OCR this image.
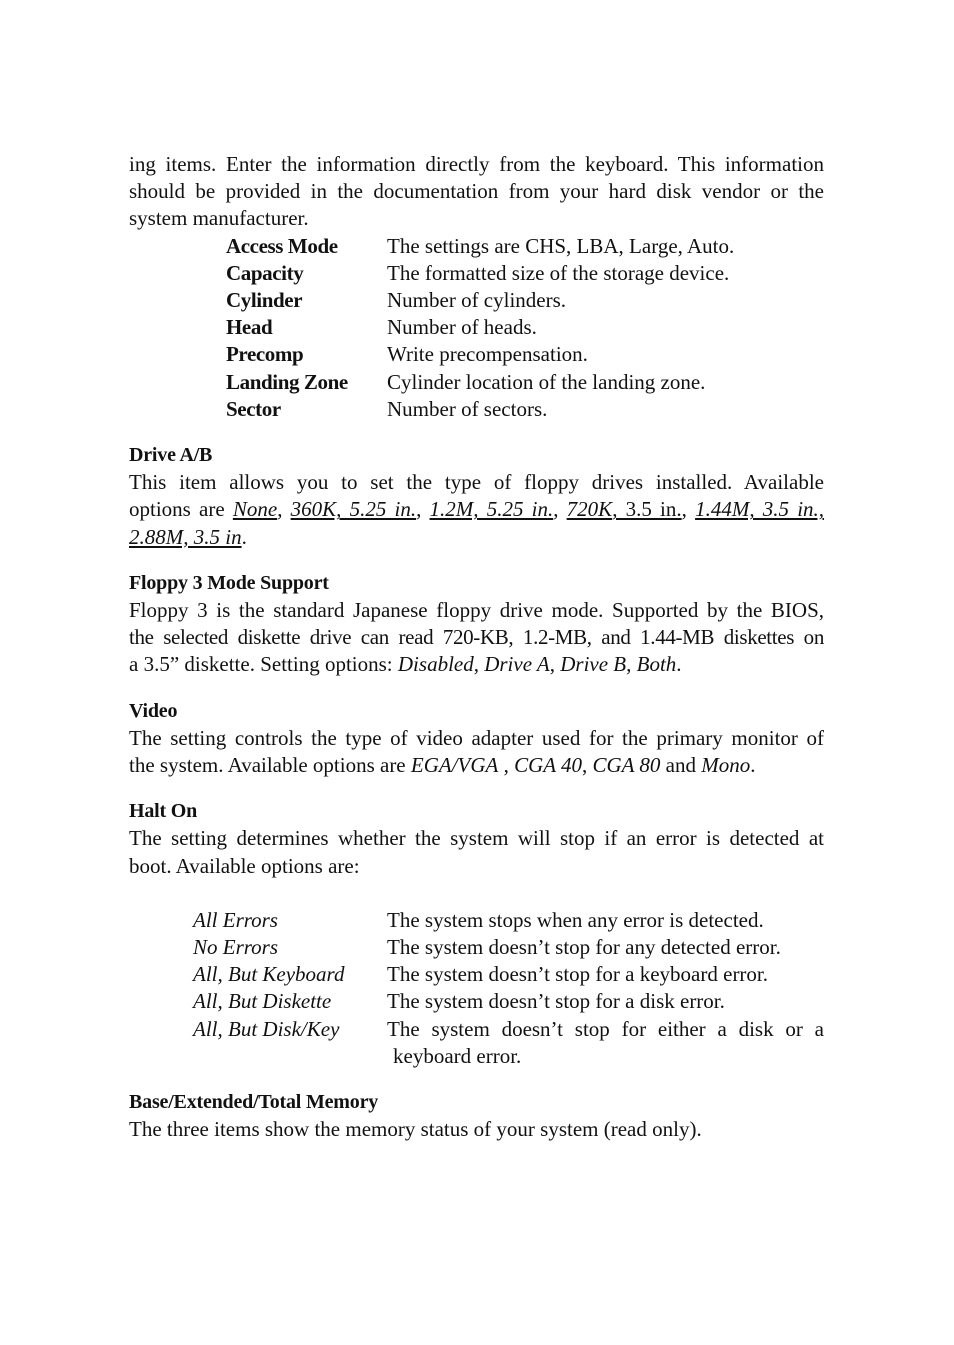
ing items. Enter the information directly from the keyboard. This information

should be provided in the documentation from your hard disk vendor or the

system manufacturer.

Access Mode	The settings are CHS, LBA, Large, Auto.
Capacity	The formatted size of the storage device.
Cylinder	Number of cylinders.
Head	Number of heads.
Precomp	Write precompensation.
Landing Zone	Cylinder location of the landing zone.
Sector	Number of sectors.
Drive A/B

This item allows you to set the type of floppy drives installed. Available

options are None, 360K, 5.25 in., 1.2M, 5.25 in., 720K, 3.5 in., 1.44M, 3.5 in.,

2.88M, 3.5 in.

Floppy 3 Mode Support

Floppy 3 is the standard Japanese floppy drive mode. Supported by the BIOS,

the selected diskette drive can read 720-KB, 1.2-MB, and 1.44-MB diskettes on

a 3.5” diskette. Setting options: Disabled, Drive A, Drive B, Both.

Video

The setting controls the type of video adapter used for the primary monitor of

the system. Available options are EGA/VGA , CGA 40, CGA 80 and Mono.

Halt On

The setting determines whether the system will stop if an error is detected at

boot. Available options are:

All Errors	The system stops when any error is detected.
No Errors	The system doesn’t stop for any detected error.
All, But Keyboard	The system doesn’t stop for a keyboard error.
All, But Diskette	The system doesn’t stop for a disk error.
All, But Disk/Key	The system doesn’t stop for either a disk or a
keyboard error.
Base/Extended/Total Memory

The three items show the memory status of your system (read only).
